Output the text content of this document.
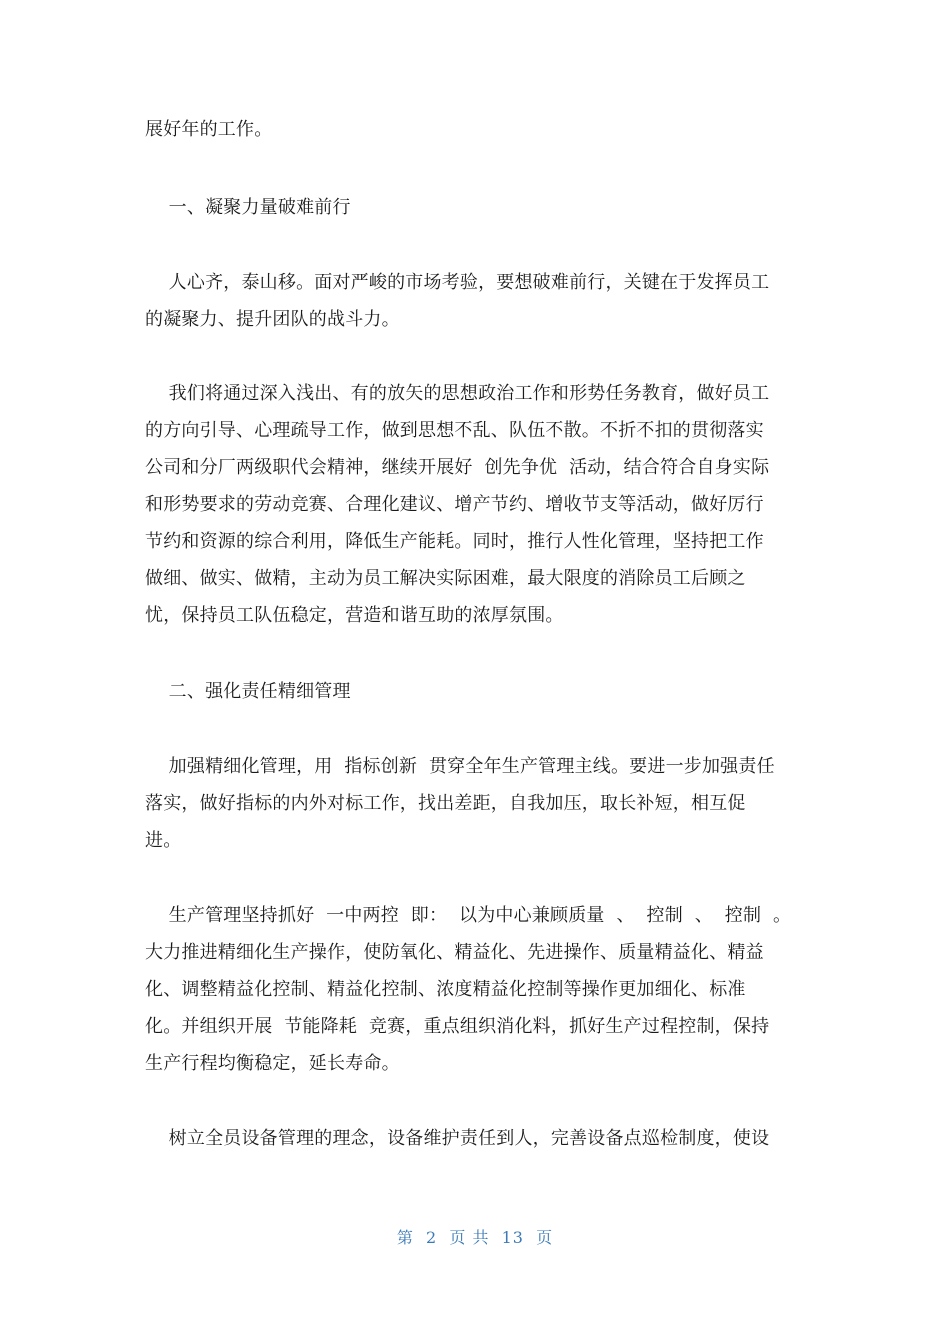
展好年的工作。
一、凝聚力量破难前行
人心齐，泰山移。面对严峻的市场考验，要想破难前行，关键在于发挥员工
的凝聚力、提升团队的战斗力。
我们将通过深入浅出、有的放矢的思想政治工作和形势任务教育，做好员工
的方向引导、心理疏导工作，做到思想不乱、队伍不散。不折不扣的贯彻落实
公司和分厂两级职代会精神，继续开展好  创先争优  活动，结合符合自身实际
和形势要求的劳动竞赛、合理化建议、增产节约、增收节支等活动，做好厉行
节约和资源的综合利用，降低生产能耗。同时，推行人性化管理，坚持把工作
做细、做实、做精，主动为员工解决实际困难，最大限度的消除员工后顾之
忧，保持员工队伍稳定，营造和谐互助的浓厚氛围。
二、强化责任精细管理
加强精细化管理，用  指标创新  贯穿全年生产管理主线。要进一步加强责任
落实，做好指标的内外对标工作，找出差距，自我加压，取长补短，相互促
进。
生产管理坚持抓好  一中两控  即：  以为中心兼顾质量  、  控制  、  控制  。
大力推进精细化生产操作，使防氧化、精益化、先进操作、质量精益化、精益
化、调整精益化控制、精益化控制、浓度精益化控制等操作更加细化、标准
化。并组织开展  节能降耗  竞赛，重点组织消化料，抓好生产过程控制，保持
生产行程均衡稳定，延长寿命。
树立全员设备管理的理念，设备维护责任到人，完善设备点巡检制度，使设
第  2  页 共  13  页
